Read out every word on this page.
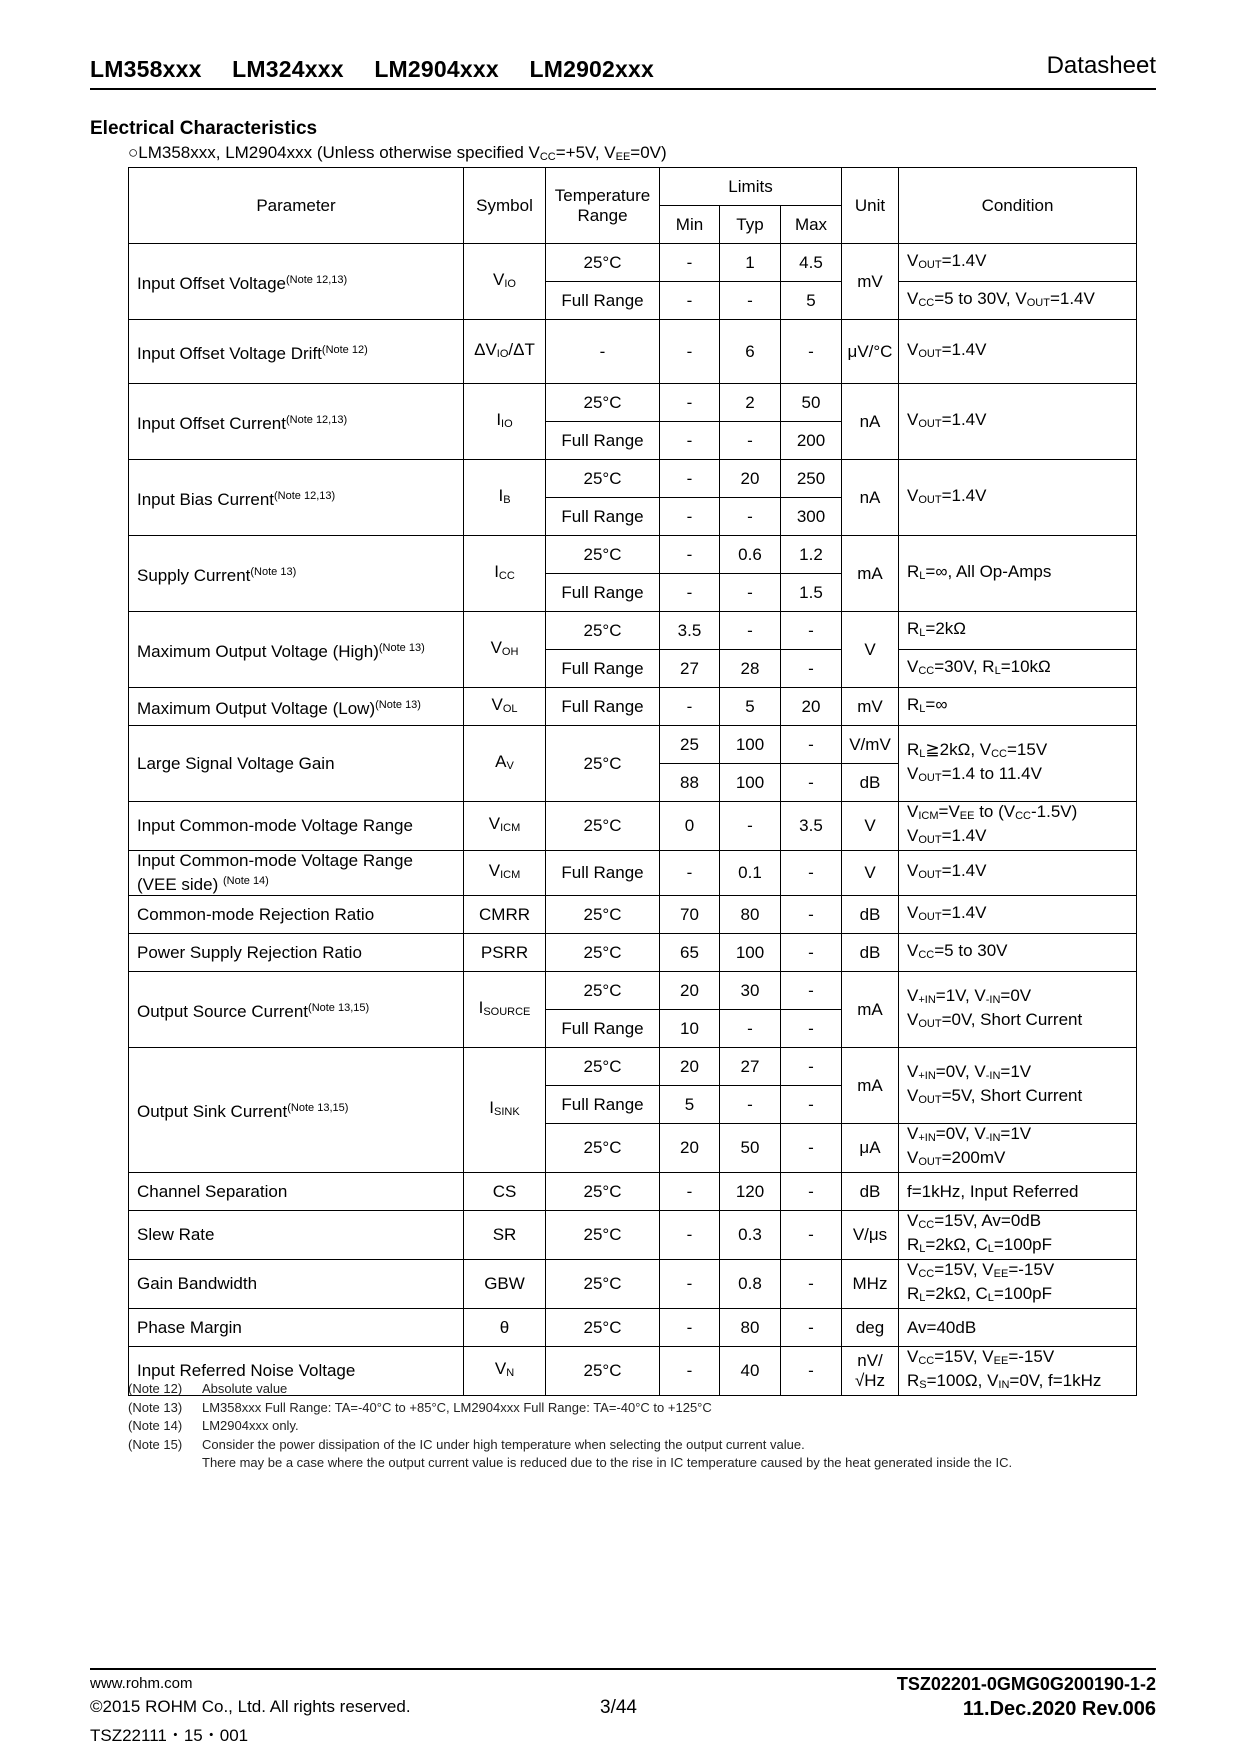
LM358xxx LM324xxx LM2904xxx LM2902xxx	Datasheet
Electrical Characteristics
○LM358xxx, LM2904xxx (Unless otherwise specified VCC=+5V, VEE=0V)
Parameter	Symbol	Temperature Range	Limits			Unit	Condition
			Min	Typ	Max		
Input Offset Voltage$^{(Note 12,13)}$	VIO	25°C	-	1	4.5	mV	VOUT=1.4V
		Full Range	-	-	5		VCC=5 to 30V, VOUT=1.4V
Input Offset Voltage Drift$^{(Note 12)}$	ΔVIO/ΔT	-	-	6	-	μV/°C	VOUT=1.4V
Input Offset Current$^{(Note 12,13)}$	IIO	25°C	-	2	50	nA	VOUT=1.4V
		Full Range	-	-	200		
Input Bias Current$^{(Note 12,13)}$	IB	25°C	-	20	250	nA	VOUT=1.4V
		Full Range	-	-	300		
Supply Current$^{(Note 13)}$	ICC	25°C	-	0.6	1.2	mA	RL=∞, All Op-Amps
		Full Range	-	-	1.5		
Maximum Output Voltage (High)$^{(Note 13)}$	VOH	25°C	3.5	-	-	V	RL=2kΩ
		Full Range	27	28	-		VCC=30V, RL=10kΩ
Maximum Output Voltage (Low)$^{(Note 13)}$	VOL	Full Range	-	5	20	mV	RL=∞
Large Signal Voltage Gain	AV	25°C	25	100	-	V/mV	RL≧2kΩ, VCC=15V
VOUT=1.4 to 11.4V
			88	100	-	dB	
Input Common-mode Voltage Range	VICM	25°C	0	-	3.5	V	VICM=VEE to (VCC-1.5V)
VOUT=1.4V
Input Common-mode Voltage Range
(VEE side) $^{(Note 14)}$	VICM	Full Range	-	0.1	-	V	VOUT=1.4V
Common-mode Rejection Ratio	CMRR	25°C	70	80	-	dB	VOUT=1.4V
Power Supply Rejection Ratio	PSRR	25°C	65	100	-	dB	VCC=5 to 30V
Output Source Current$^{(Note 13,15)}$	ISOURCE	25°C	20	30	-	mA	V+IN=1V, V-IN=0V
VOUT=0V, Short Current
		Full Range	10	-	-		
Output Sink Current$^{(Note 13,15)}$	ISINK	25°C	20	27	-	mA	V+IN=0V, V-IN=1V
VOUT=5V, Short Current
		Full Range	5	-	-		
		25°C	20	50	-	μA	V+IN=0V, V-IN=1V
VOUT=200mV
Channel Separation	CS	25°C	-	120	-	dB	f=1kHz, Input Referred
Slew Rate	SR	25°C	-	0.3	-	V/μs	VCC=15V, Av=0dB
RL=2kΩ, CL=100pF
Gain Bandwidth	GBW	25°C	-	0.8	-	MHz	VCC=15V, VEE=-15V
RL=2kΩ, CL=100pF
Phase Margin	θ	25°C	-	80	-	deg	Av=40dB
Input Referred Noise Voltage	VN	25°C	-	40	-	nV/√Hz	VCC=15V, VEE=-15V
RS=100Ω, VIN=0V, f=1kHz
(Note 12)	Absolute value
(Note 13)	LM358xxx Full Range: TA=-40°C to +85°C, LM2904xxx Full Range: TA=-40°C to +125°C
(Note 14)	LM2904xxx only.
(Note 15)	Consider the power dissipation of the IC under high temperature when selecting the output current value.
There may be a case where the output current value is reduced due to the rise in IC temperature caused by the heat generated inside the IC.
www.rohm.com
©2015 ROHM Co., Ltd. All rights reserved.
TSZ22111・15・001
3/44
TSZ02201-0GMG0G200190-1-2
11.Dec.2020 Rev.006
